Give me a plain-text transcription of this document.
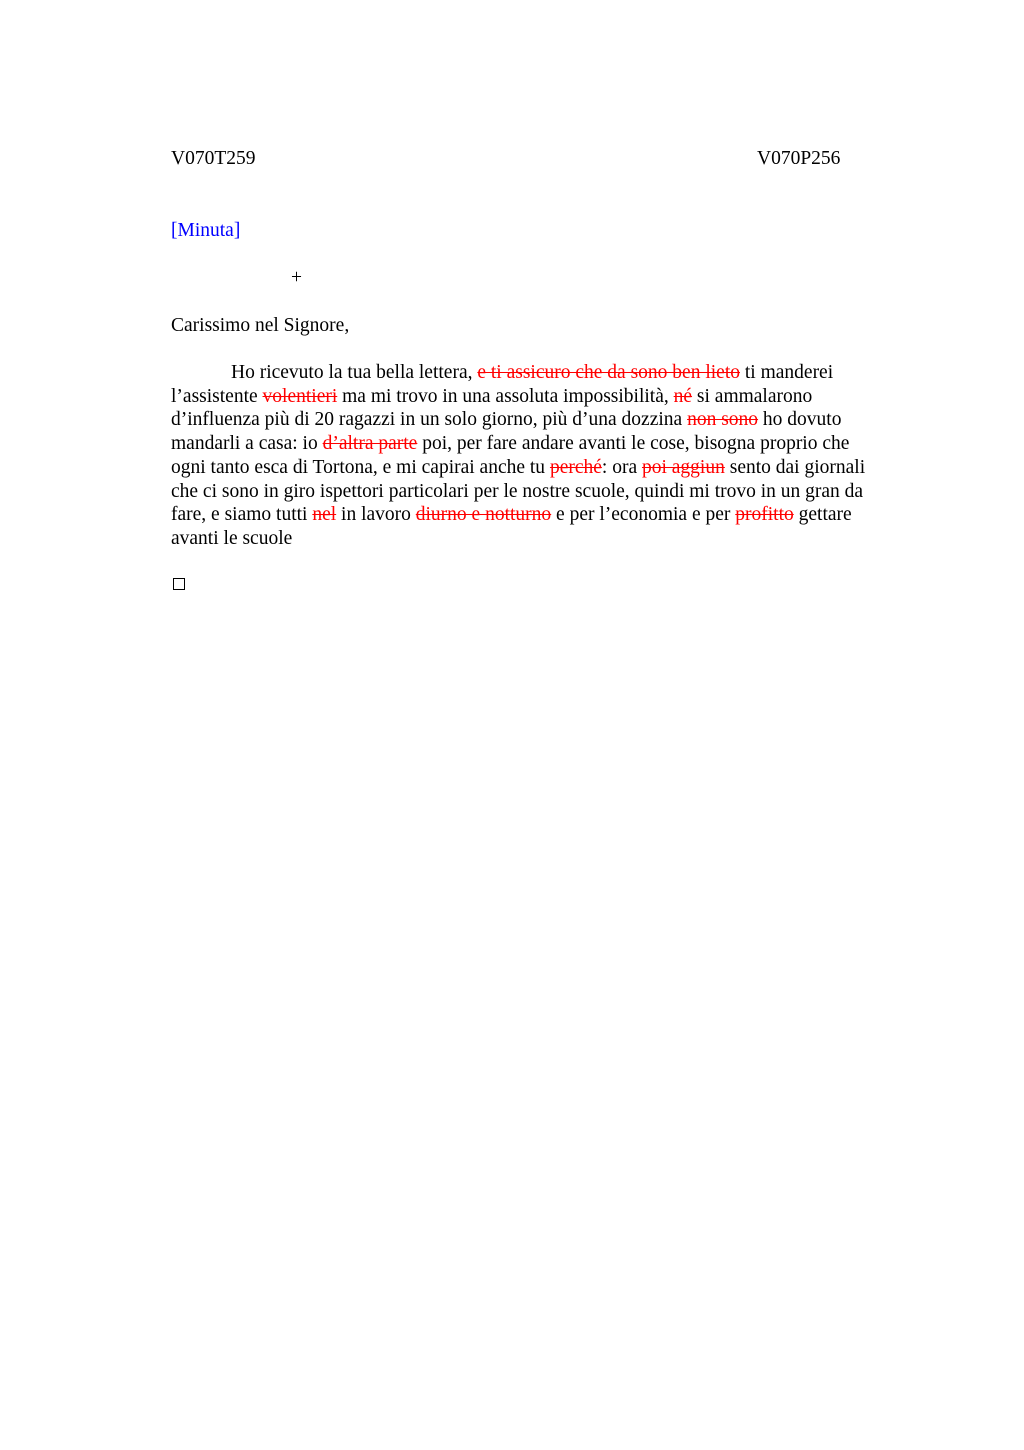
V070T259	V070P256
[Minuta]
+
Carissimo nel Signore,
Ho ricevuto la tua bella lettera, e ti assicuro che da sono ben lieto ti manderei
l’assistente volentieri ma mi trovo in una assoluta impossibilità, né si ammalarono
d’influenza più di 20 ragazzi in un solo giorno, più d’una dozzina non sono ho dovuto
mandarli a casa: io d’altra parte poi, per fare andare avanti le cose, bisogna proprio che
ogni tanto esca di Tortona, e mi capirai anche tu perché: ora poi aggiun sento dai giornali
che ci sono in giro ispettori particolari per le nostre scuole, quindi mi trovo in un gran da
fare, e siamo tutti nel in lavoro diurno e notturno e per l’economia e per profitto gettare
avanti le scuole
